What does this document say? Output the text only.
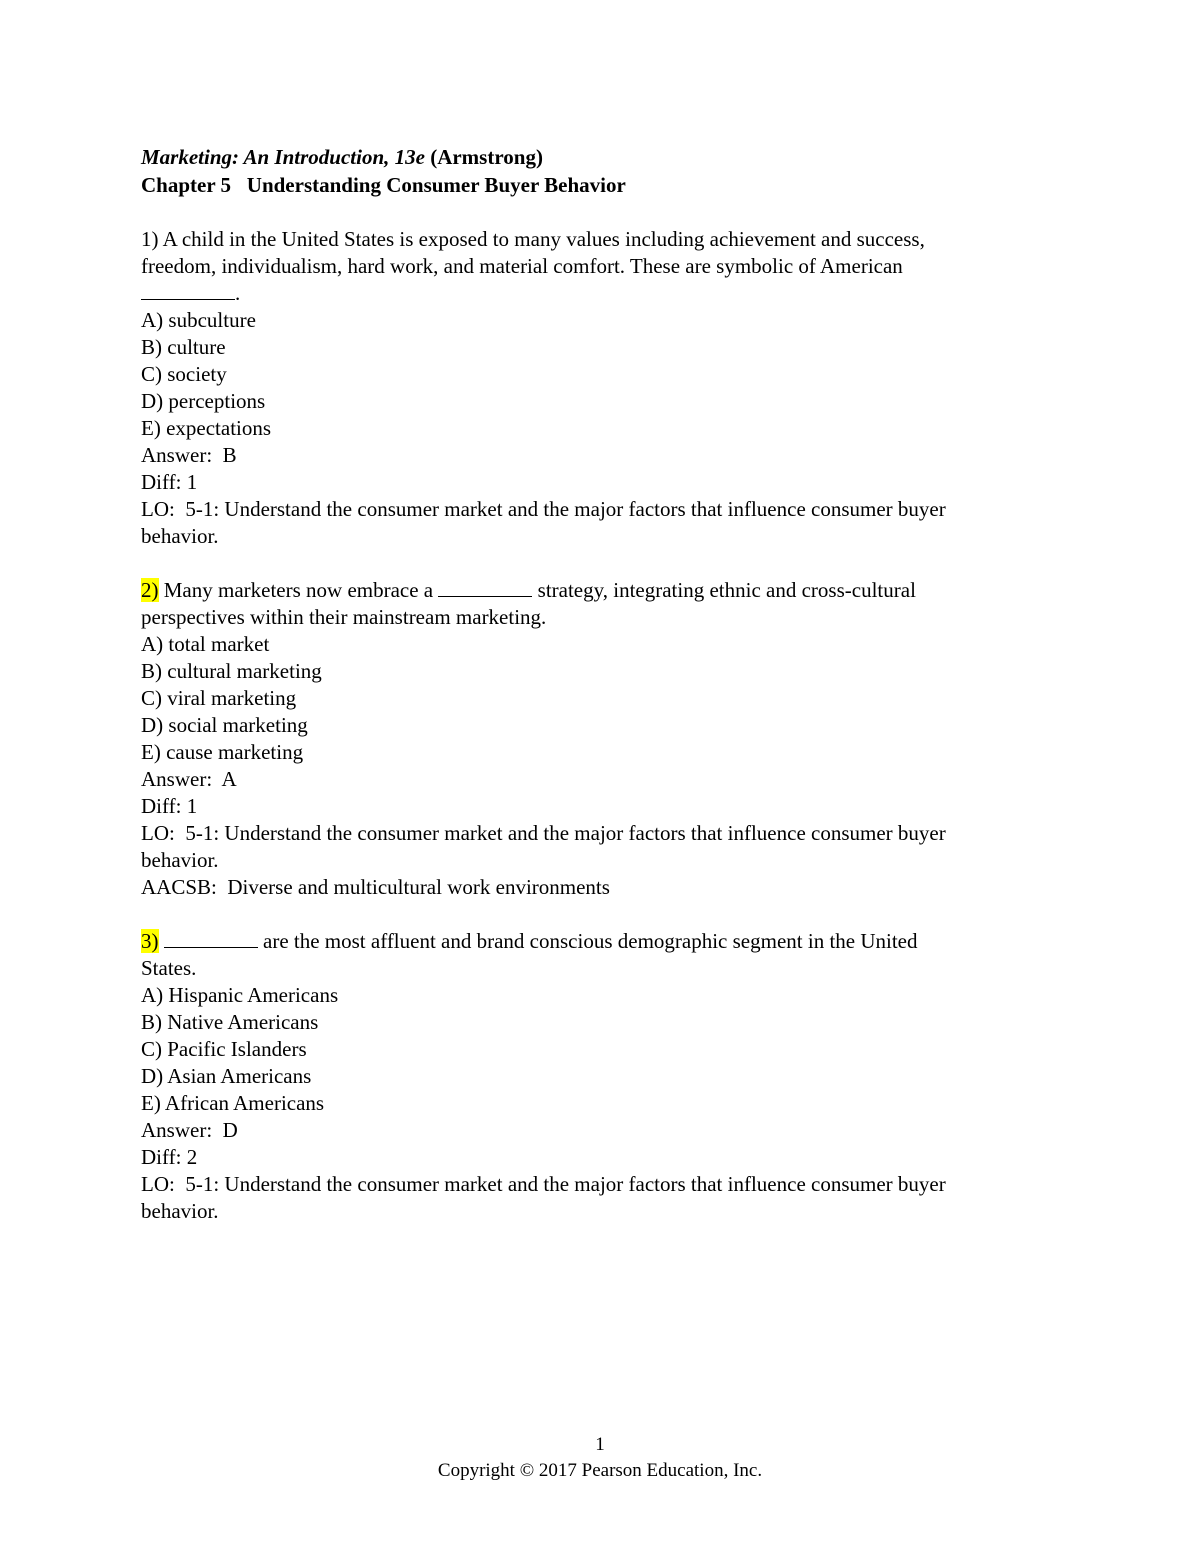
Marketing: An Introduction, 13e (Armstrong)
Chapter 5   Understanding Consumer Buyer Behavior
1) A child in the United States is exposed to many values including achievement and success,
freedom, individualism, hard work, and material comfort. These are symbolic of American
.
A) subculture
B) culture
C) society
D) perceptions
E) expectations
Answer:  B
Diff: 1
LO:  5-1: Understand the consumer market and the major factors that influence consumer buyer
behavior.
2) Many marketers now embrace a	strategy, integrating ethnic and cross-cultural
perspectives within their mainstream marketing.
A) total market
B) cultural marketing
C) viral marketing
D) social marketing
E) cause marketing
Answer:  A
Diff: 1
LO:  5-1: Understand the consumer market and the major factors that influence consumer buyer
behavior.
AACSB:  Diverse and multicultural work environments
3)	are the most affluent and brand conscious demographic segment in the United
States.
A) Hispanic Americans
B) Native Americans
C) Pacific Islanders
D) Asian Americans
E) African Americans
Answer:  D
Diff: 2
LO:  5-1: Understand the consumer market and the major factors that influence consumer buyer
behavior.
1
Copyright © 2017 Pearson Education, Inc.
